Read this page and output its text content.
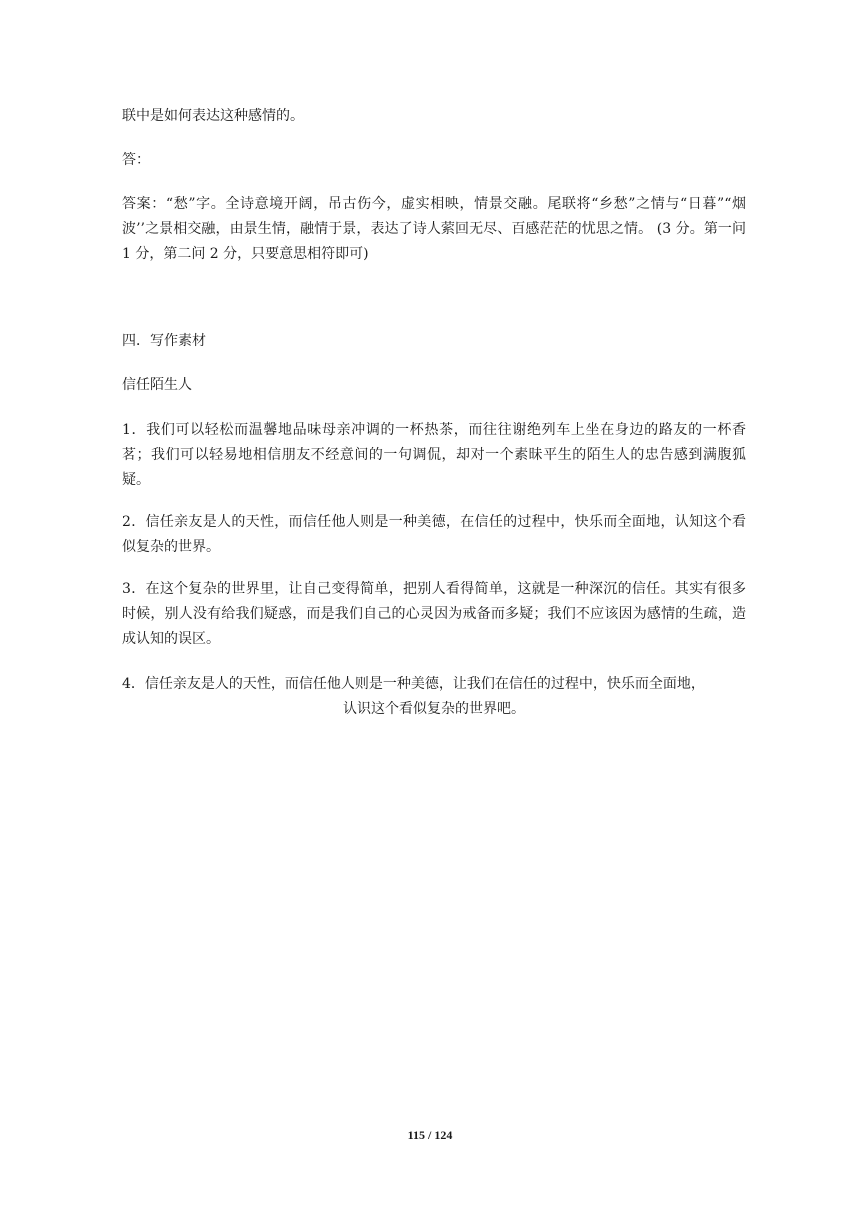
联中是如何表达这种感情的。

答：

答案：“愁”字。全诗意境开阔，吊古伤今，虚实相映，情景交融。尾联将“乡愁”之情与“日暮”“烟波’’之景相交融，由景生情，融情于景，表达了诗人萦回无尽、百感茫茫的忧思之情。 (3 分。第一问 1 分，第二问 2 分，只要意思相符即可)

四．写作素材

信任陌生人

1．我们可以轻松而温馨地品味母亲冲调的一杯热茶，而往往谢绝列车上坐在身边的路友的一杯香茗；我们可以轻易地相信朋友不经意间的一句调侃，却对一个素昧平生的陌生人的忠告感到满腹狐疑。

2．信任亲友是人的天性，而信任他人则是一种美德，在信任的过程中，快乐而全面地，认知这个看似复杂的世界。

3．在这个复杂的世界里，让自己变得简单，把别人看得简单，这就是一种深沉的信任。其实有很多时候，别人没有给我们疑惑，而是我们自己的心灵因为戒备而多疑；我们不应该因为感情的生疏，造成认知的误区。

4．信任亲友是人的天性，而信任他人则是一种美德，让我们在信任的过程中，快乐而全面地，

认识这个看似复杂的世界吧。

115 / 124
